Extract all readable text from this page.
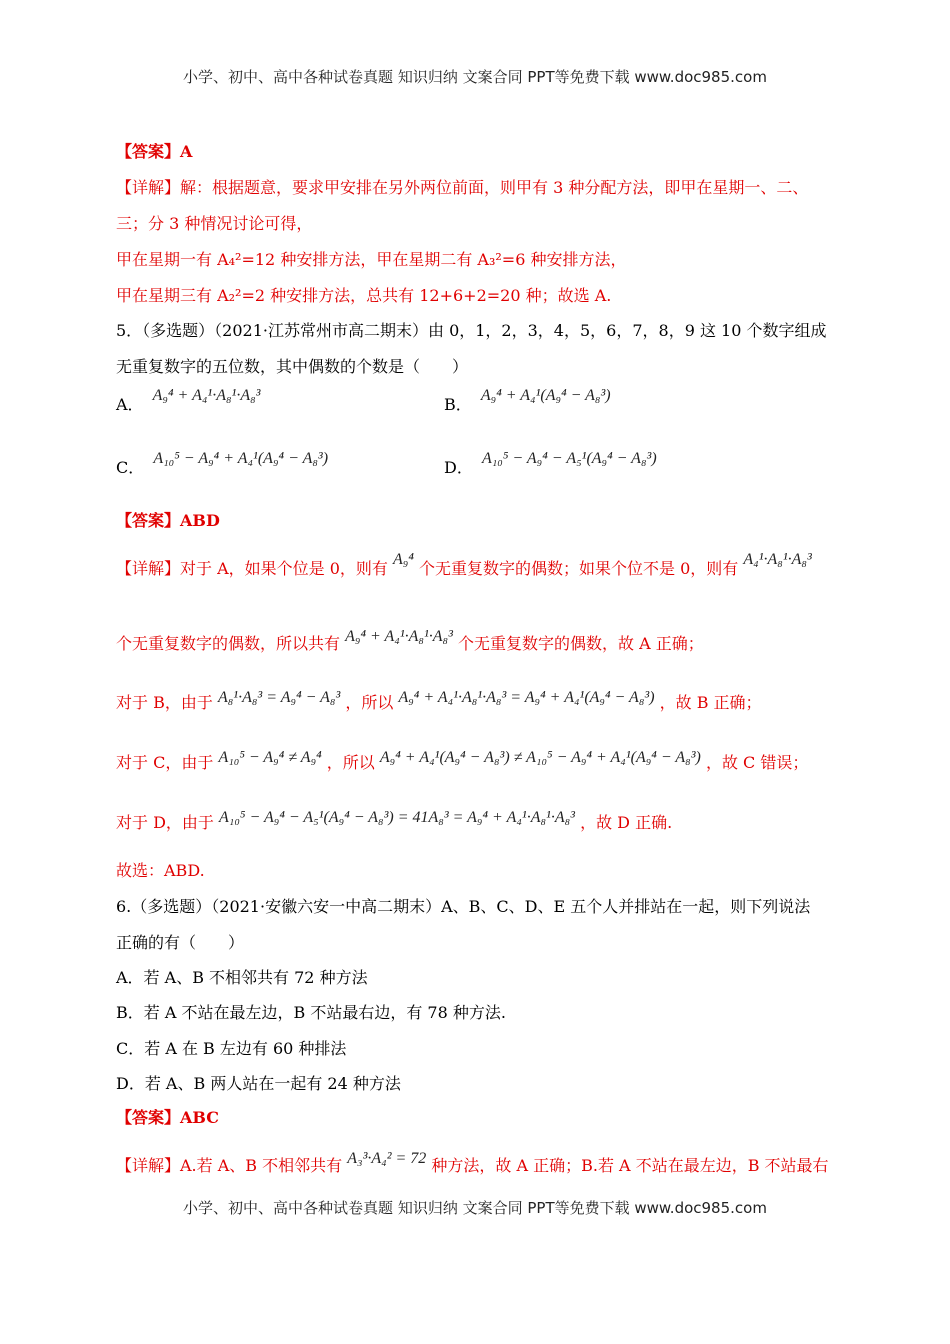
小学、初中、高中各种试卷真题 知识归纳 文案合同 PPT等免费下载 www.doc985.com
【答案】A
【详解】解：根据题意，要求甲安排在另外两位前面，则甲有 3 种分配方法，即甲在星期一、二、
三；分 3 种情况讨论可得，
甲在星期一有 A₄²=12 种安排方法，甲在星期二有 A₃²=6 种安排方法，
甲在星期三有 A₂²=2 种安排方法，总共有 12+6+2=20 种；故选 A.
5．（多选题）（2021·江苏常州市高二期末）由 0，1，2，3，4，5，6，7，8，9 这 10 个数字组成
无重复数字的五位数，其中偶数的个数是（　　）
A． A₉⁴ + A₄¹·A₈¹·A₈³	B． A₉⁴ + A₄¹(A₉⁴ − A₈³)
C． A₁₀⁵ − A₉⁴ + A₄¹(A₉⁴ − A₈³)	D． A₁₀⁵ − A₉⁴ − A₅¹(A₉⁴ − A₈³)
【答案】ABD
【详解】对于 A，如果个位是 0，则有 A₉⁴ 个无重复数字的偶数；如果个位不是 0，则有 A₄¹·A₈¹·A₈³
个无重复数字的偶数，所以共有 A₉⁴ + A₄¹·A₈¹·A₈³ 个无重复数字的偶数，故 A 正确；
对于 B，由于 A₈¹·A₈³ = A₉⁴ − A₈³ ，所以 A₉⁴ + A₄¹·A₈¹·A₈³ = A₉⁴ + A₄¹(A₉⁴ − A₈³) ，故 B 正确；
对于 C，由于 A₁₀⁵ − A₉⁴ ≠ A₉⁴ ，所以 A₉⁴ + A₄¹(A₉⁴ − A₈³) ≠ A₁₀⁵ − A₉⁴ + A₄¹(A₉⁴ − A₈³) ，故 C 错误；
对于 D，由于 A₁₀⁵ − A₉⁴ − A₅¹(A₉⁴ − A₈³) = 41A₈³ = A₉⁴ + A₄¹·A₈¹·A₈³ ，故 D 正确.
故选：ABD.
6.（多选题）（2021·安徽六安一中高二期末）A、B、C、D、E 五个人并排站在一起，则下列说法
正确的有（　　）
A．若 A、B 不相邻共有 72 种方法
B．若 A 不站在最左边，B 不站最右边，有 78 种方法.
C．若 A 在 B 左边有 60 种排法
D．若 A、B 两人站在一起有 24 种方法
【答案】ABC
【详解】A.若 A、B 不相邻共有 A₃³·A₄² = 72 种方法，故 A 正确；B.若 A 不站在最左边，B 不站最右
小学、初中、高中各种试卷真题 知识归纳 文案合同 PPT等免费下载 www.doc985.com
